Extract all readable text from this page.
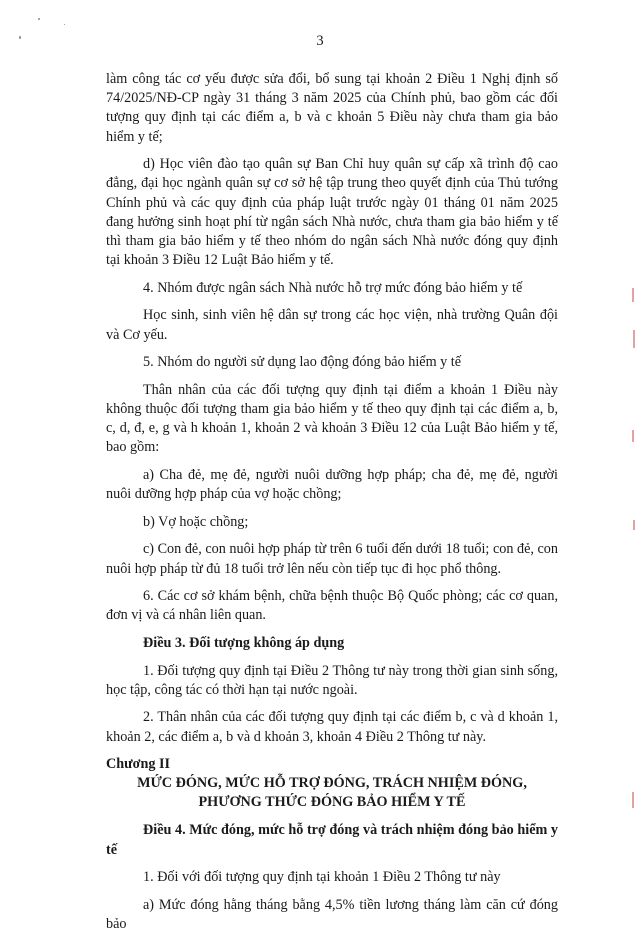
3

làm công tác cơ yếu được sửa đổi, bổ sung tại khoản 2 Điều 1 Nghị định số 74/2025/NĐ-CP ngày 31 tháng 3 năm 2025 của Chính phủ, bao gồm các đối tượng quy định tại các điểm a, b và c khoản 5 Điều này chưa tham gia bảo hiểm y tế;

d) Học viên đào tạo quân sự Ban Chỉ huy quân sự cấp xã trình độ cao đẳng, đại học ngành quân sự cơ sở hệ tập trung theo quyết định của Thủ tướng Chính phủ và các quy định của pháp luật trước ngày 01 tháng 01 năm 2025 đang hưởng sinh hoạt phí từ ngân sách Nhà nước, chưa tham gia bảo hiểm y tế thì tham gia bảo hiểm y tế theo nhóm do ngân sách Nhà nước đóng quy định tại khoản 3 Điều 12 Luật Bảo hiểm y tế.

4. Nhóm được ngân sách Nhà nước hỗ trợ mức đóng bảo hiểm y tế

Học sinh, sinh viên hệ dân sự trong các học viện, nhà trường Quân đội và Cơ yếu.

5. Nhóm do người sử dụng lao động đóng bảo hiểm y tế

Thân nhân của các đối tượng quy định tại điểm a khoản 1 Điều này không thuộc đối tượng tham gia bảo hiểm y tế theo quy định tại các điểm a, b, c, d, đ, e, g và h khoản 1, khoản 2 và khoản 3 Điều 12 của Luật Bảo hiểm y tế, bao gồm:

a) Cha đẻ, mẹ đẻ, người nuôi dưỡng hợp pháp; cha đẻ, mẹ đẻ, người nuôi dưỡng hợp pháp của vợ hoặc chồng;

b) Vợ hoặc chồng;

c) Con đẻ, con nuôi hợp pháp từ trên 6 tuổi đến dưới 18 tuổi; con đẻ, con nuôi hợp pháp từ đủ 18 tuổi trở lên nếu còn tiếp tục đi học phổ thông.

6. Các cơ sở khám bệnh, chữa bệnh thuộc Bộ Quốc phòng; các cơ quan, đơn vị và cá nhân liên quan.

Điều 3. Đối tượng không áp dụng

1. Đối tượng quy định tại Điều 2 Thông tư này trong thời gian sinh sống, học tập, công tác có thời hạn tại nước ngoài.

2. Thân nhân của các đối tượng quy định tại các điểm b, c và d khoản 1, khoản 2, các điểm a, b và d khoản 3, khoản 4 Điều 2 Thông tư này.

Chương II

MỨC ĐÓNG, MỨC HỖ TRỢ ĐÓNG, TRÁCH NHIỆM ĐÓNG, PHƯƠNG THỨC ĐÓNG BẢO HIỂM Y TẾ

Điều 4. Mức đóng, mức hỗ trợ đóng và trách nhiệm đóng bảo hiểm y tế

1. Đối với đối tượng quy định tại khoản 1 Điều 2 Thông tư này

a) Mức đóng hằng tháng bằng 4,5% tiền lương tháng làm căn cứ đóng bảo
